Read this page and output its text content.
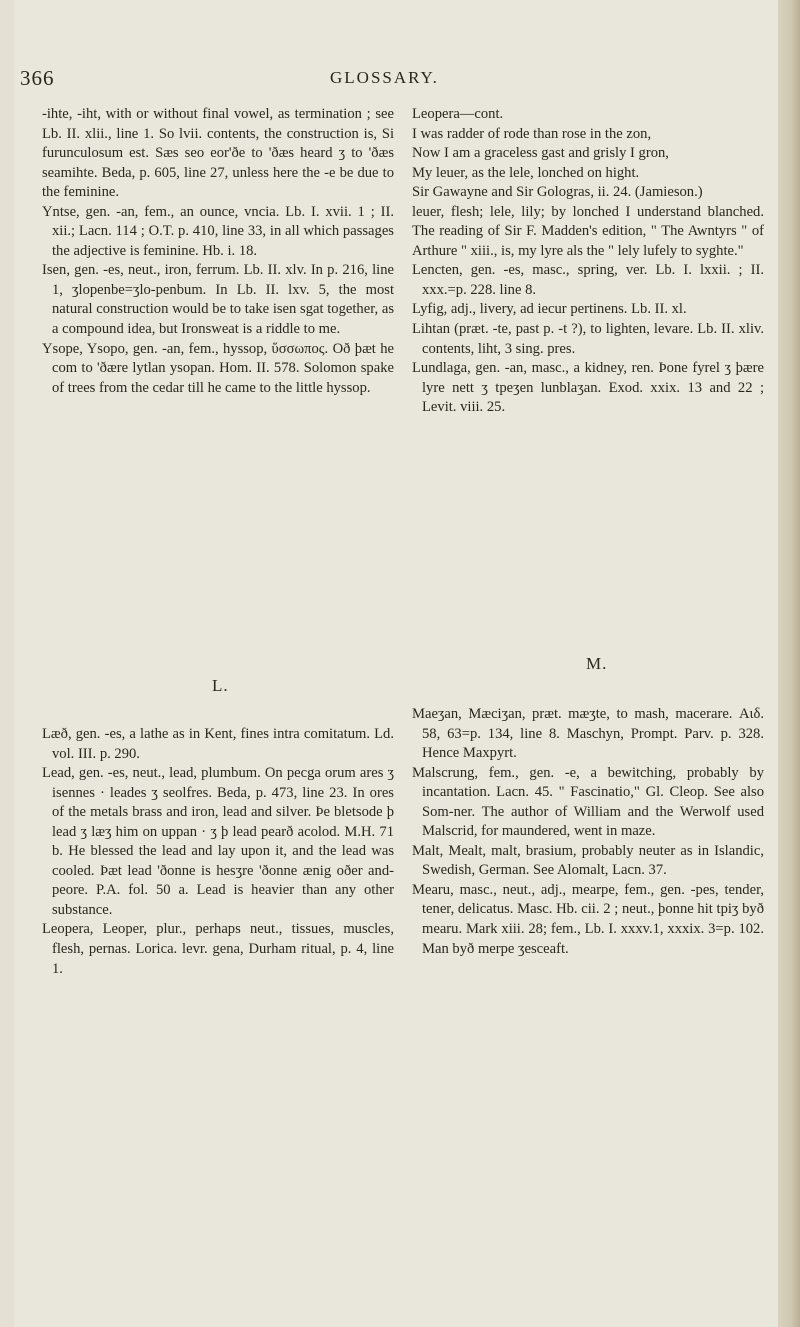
366	GLOSSARY.

-ihte, -iht, with or without final vowel, as termination ; see Lb. II. xlii., line 1. So lvii. contents, the construction is, Si furunculosum est. Sæs seo eor'ðe to 'ðæs heard ʒ to 'ðæs seamihte. Beda, p. 605, line 27, unless here the -e be due to the feminine.

Yntse, gen. -an, fem., an ounce, vncia. Lb. I. xvii. 1 ; II. xii.; Lacn. 114 ; O.T. p. 410, line 33, in all which passages the adjective is feminine. Hb. i. 18.

Isen, gen. -es, neut., iron, ferrum. Lb. II. xlv. In p. 216, line 1, ʒlopenbe=ʒlo-penbum. In Lb. II. lxv. 5, the most natural construction would be to take isen sgat together, as a compound idea, but Ironsweat is a riddle to me.

Ysope, Ysopo, gen. -an, fem., hyssop, ὕσσωπος. Oð þæt he com to 'ðære lytlan ysopan. Hom. II. 578. Solomon spake of trees from the cedar till he came to the little hyssop.

Leopera—cont.

I was radder of rode than rose in the zon,

Now I am a graceless gast and grisly I gron,

My leuer, as the lele, lonched on hight.

Sir Gawayne and Sir Gologras, ii. 24. (Jamieson.)

leuer, flesh; lele, lily; by lonched I understand blanched. The reading of Sir F. Madden's edition, " The Awntyrs " of Arthure " xiii., is, my lyre als the " lely lufely to syghte."

Lencten, gen. -es, masc., spring, ver. Lb. I. lxxii. ; II. xxx.=p. 228. line 8.

Lyfig, adj., livery, ad iecur pertinens. Lb. II. xl.

Lihtan (præt. -te, past p. -t ?), to lighten, levare. Lb. II. xliv. contents, liht, 3 sing. pres.

Lundlaga, gen. -an, masc., a kidney, ren. Þone fyrel ʒ þære lyre nett ʒ tpeʒen lunblaʒan. Exod. xxix. 13 and 22 ; Levit. viii. 25.

L.
M.

Læð, gen. -es, a lathe as in Kent, fines intra comitatum. Ld. vol. III. p. 290.

Lead, gen. -es, neut., lead, plumbum. On pecga orum ares ʒ isennes · leades ʒ seolfres. Beda, p. 473, line 23. In ores of the metals brass and iron, lead and silver. Þe bletsode þ lead ʒ læʒ him on uppan · ʒ þ lead pearð acolod. M.H. 71 b. He blessed the lead and lay upon it, and the lead was cooled. Þæt lead 'ðonne is hesʒre 'ðonne ænig oðer and-peore. P.A. fol. 50 a. Lead is heavier than any other substance.

Leopera, Leoper, plur., perhaps neut., tissues, muscles, flesh, pernas. Lorica. levr. gena, Durham ritual, p. 4, line 1.

Maeʒan, Mæciʒan, præt. mæʒte, to mash, macerare. Αιδ. 58, 63=p. 134, line 8. Maschyn, Prompt. Parv. p. 328. Hence Maxpyrt.

Malscrung, fem., gen. -e, a bewitching, probably by incantation. Lacn. 45. " Fascinatio," Gl. Cleop. See also Som-ner. The author of William and the Werwolf used Malscrid, for maundered, went in maze.

Malt, Mealt, malt, brasium, probably neuter as in Islandic, Swedish, German. See Alomalt, Lacn. 37.

Mearu, masc., neut., adj., mearpe, fem., gen. -pes, tender, tener, delicatus. Masc. Hb. cii. 2 ; neut., þonne hit tpiʒ byð mearu. Mark xiii. 28; fem., Lb. I. xxxv.1, xxxix. 3=p. 102. Man byð merpe ʒesceaft.
